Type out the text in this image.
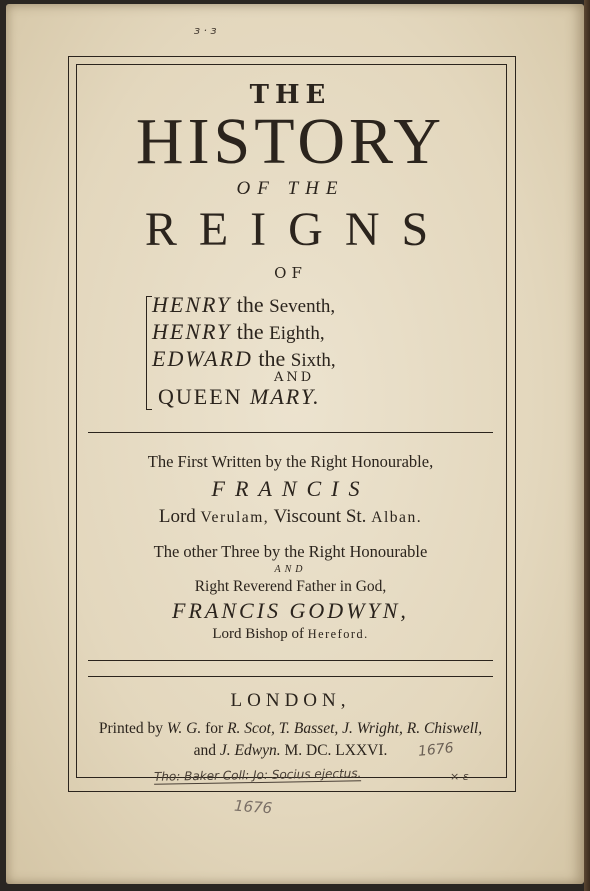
ɜ · ɜ
THE
HISTORY
OF THE
REIGNS
OF
HENRY the Seventh,
HENRY the Eighth,
EDWARD the Sixth,
AND
QUEEN MARY.
The First Written by the Right Honourable,
FRANCIS
Lord Verulam, Viscount St. Alban.
The other Three by the Right Honourable
AND
Right Reverend Father in God,
FRANCIS GODWYN,
Lord Bishop of Hereford.
LONDON,
Printed by W. G. for R. Scot, T. Basset, J. Wright, R. Chiswell,
and J. Edwyn. M. DC. LXXVI.	1676
Tho: Baker Coll: Jo: Socius ejectus.	× ɛ
1676
